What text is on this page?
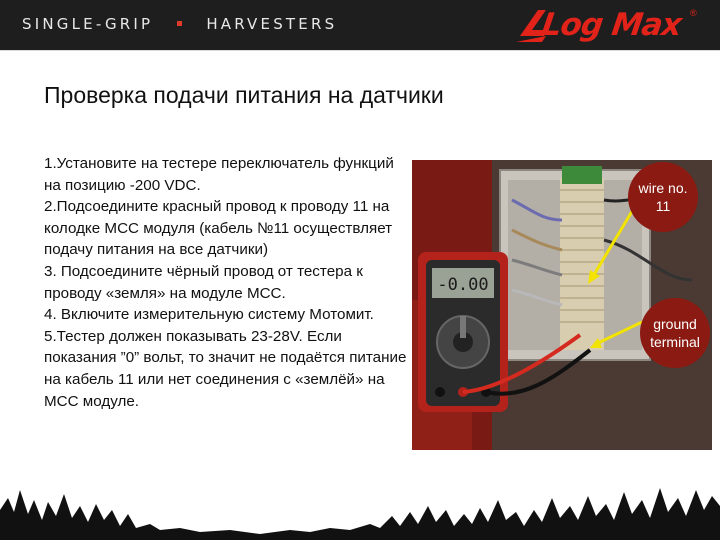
SINGLE-GRIP	HARVESTERS	Log Max ®
Проверка подачи питания на датчики

1.Установите на тестере переключатель функций на позицию -200 VDC.

2.Подсоедините красный провод к проводу 11 на колодке МСС модуля (кабель №11 осуществляет подачу питания на все датчики)

3. Подсоедините чёрный провод от тестера к проводу «земля» на модуле МСС.

4. Включите измерительную систему Мотомит.

5.Тестер должен показывать 23-28V. Если показания ”0” вольт, то значит не подаётся питание на кабель 11 или нет соединения с «землёй» на МСС модуле.

-0.00
wire no. 11
ground terminal
